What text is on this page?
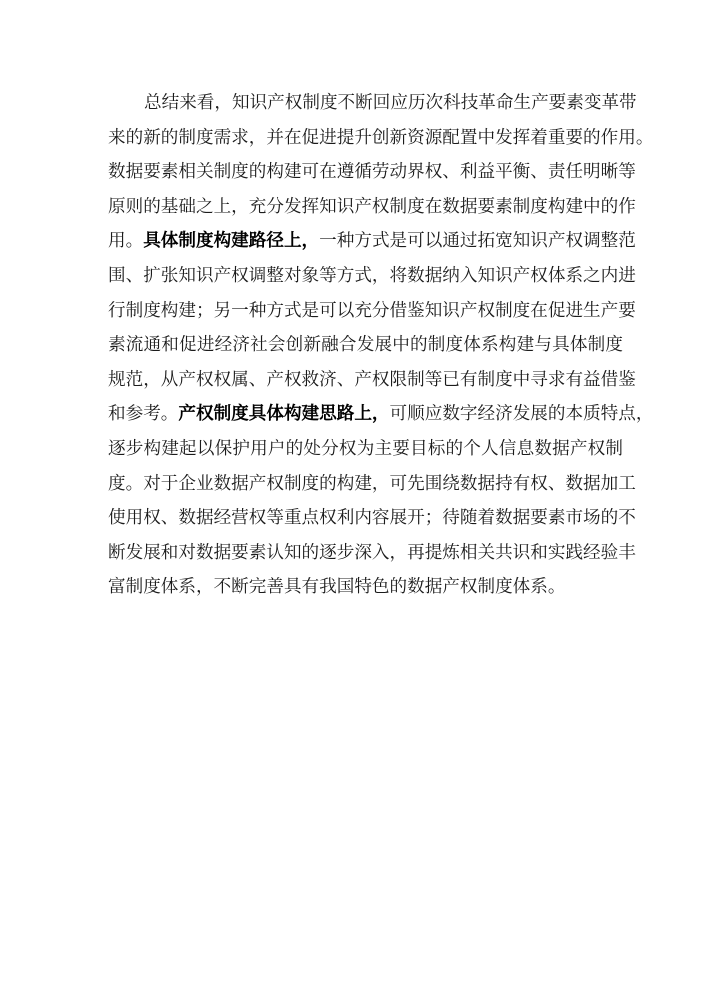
总结来看，知识产权制度不断回应历次科技革命生产要素变革带
来的新的制度需求，并在促进提升创新资源配置中发挥着重要的作用。
数据要素相关制度的构建可在遵循劳动界权、利益平衡、责任明晰等
原则的基础之上，充分发挥知识产权制度在数据要素制度构建中的作
用。具体制度构建路径上，一种方式是可以通过拓宽知识产权调整范
围、扩张知识产权调整对象等方式，将数据纳入知识产权体系之内进
行制度构建；另一种方式是可以充分借鉴知识产权制度在促进生产要
素流通和促进经济社会创新融合发展中的制度体系构建与具体制度
规范，从产权权属、产权救济、产权限制等已有制度中寻求有益借鉴
和参考。产权制度具体构建思路上，可顺应数字经济发展的本质特点，
逐步构建起以保护用户的处分权为主要目标的个人信息数据产权制
度。对于企业数据产权制度的构建，可先围绕数据持有权、数据加工
使用权、数据经营权等重点权利内容展开；待随着数据要素市场的不
断发展和对数据要素认知的逐步深入，再提炼相关共识和实践经验丰
富制度体系，不断完善具有我国特色的数据产权制度体系。
